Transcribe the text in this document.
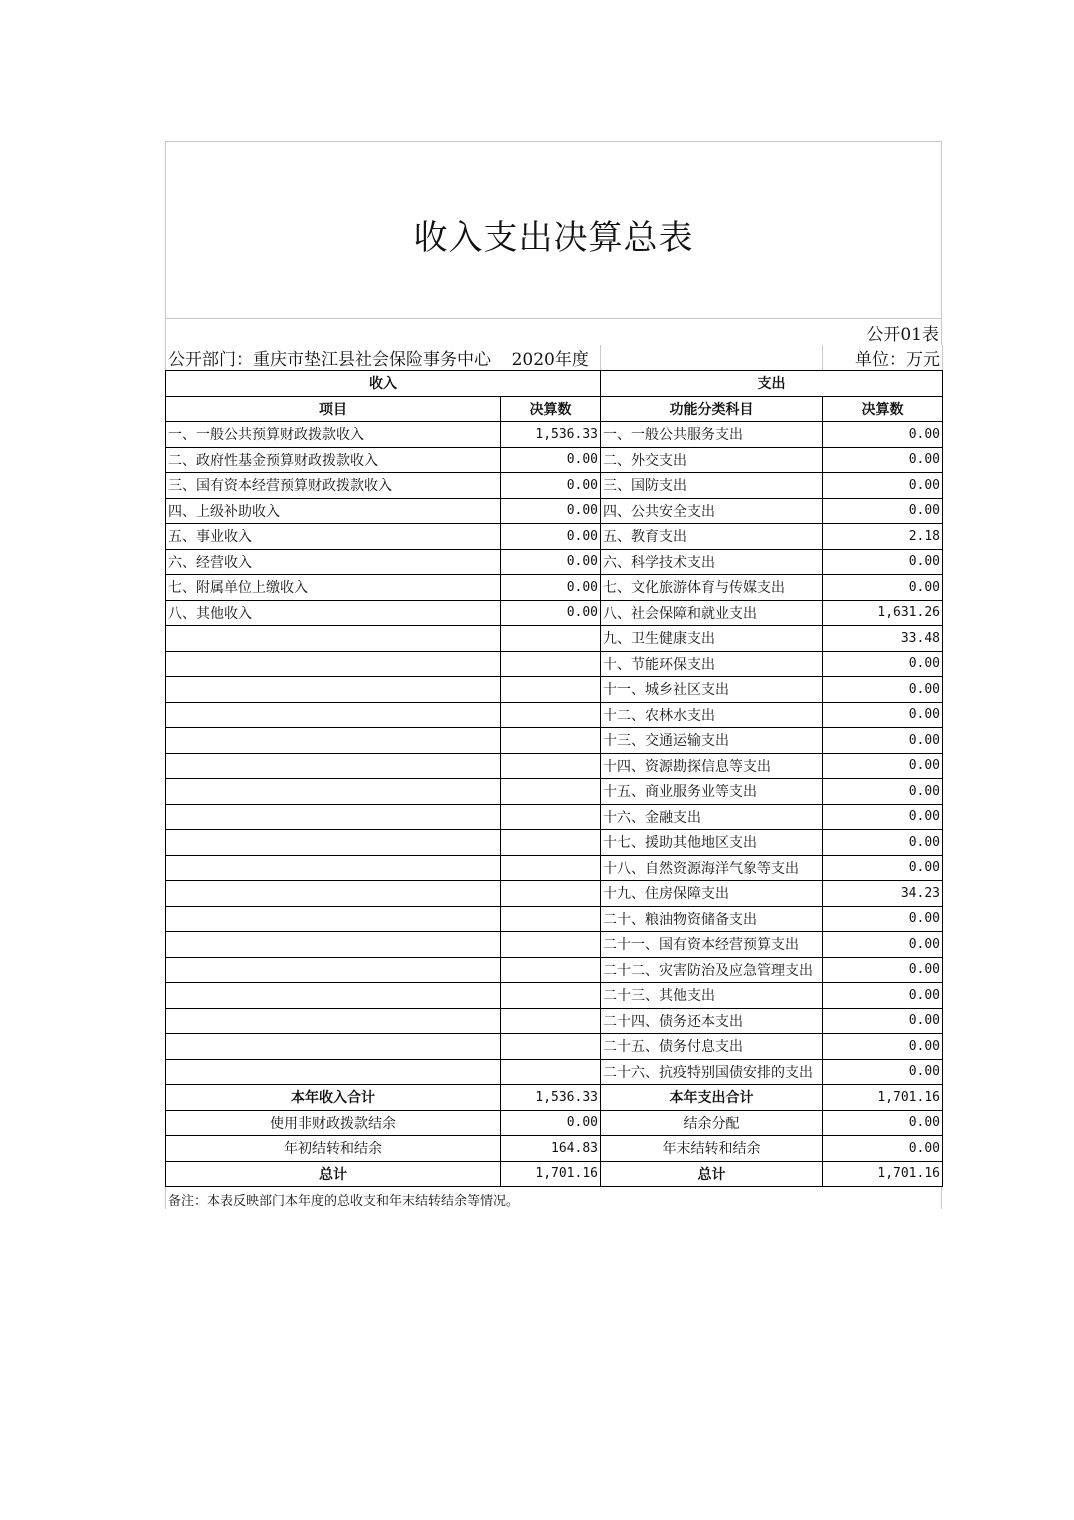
收入支出决算总表
公开01表
公开部门：重庆市垫江县社会保险事务中心	2020年度		单位：万元
收入		支出	
项目	决算数	功能分类科目	决算数
一、一般公共预算财政拨款收入	1,536.33	一、一般公共服务支出	0.00
二、政府性基金预算财政拨款收入	0.00	二、外交支出	0.00
三、国有资本经营预算财政拨款收入	0.00	三、国防支出	0.00
四、上级补助收入	0.00	四、公共安全支出	0.00
五、事业收入	0.00	五、教育支出	2.18
六、经营收入	0.00	六、科学技术支出	0.00
七、附属单位上缴收入	0.00	七、文化旅游体育与传媒支出	0.00
八、其他收入	0.00	八、社会保障和就业支出	1,631.26
		九、卫生健康支出	33.48
		十、节能环保支出	0.00
		十一、城乡社区支出	0.00
		十二、农林水支出	0.00
		十三、交通运输支出	0.00
		十四、资源勘探信息等支出	0.00
		十五、商业服务业等支出	0.00
		十六、金融支出	0.00
		十七、援助其他地区支出	0.00
		十八、自然资源海洋气象等支出	0.00
		十九、住房保障支出	34.23
		二十、粮油物资储备支出	0.00
		二十一、国有资本经营预算支出	0.00
		二十二、灾害防治及应急管理支出	0.00
		二十三、其他支出	0.00
		二十四、债务还本支出	0.00
		二十五、债务付息支出	0.00
		二十六、抗疫特别国债安排的支出	0.00
本年收入合计	1,536.33	本年支出合计	1,701.16
使用非财政拨款结余	0.00	结余分配	0.00
年初结转和结余	164.83	年末结转和结余	0.00
总计	1,701.16	总计	1,701.16
备注：本表反映部门本年度的总收支和年末结转结余等情况。
